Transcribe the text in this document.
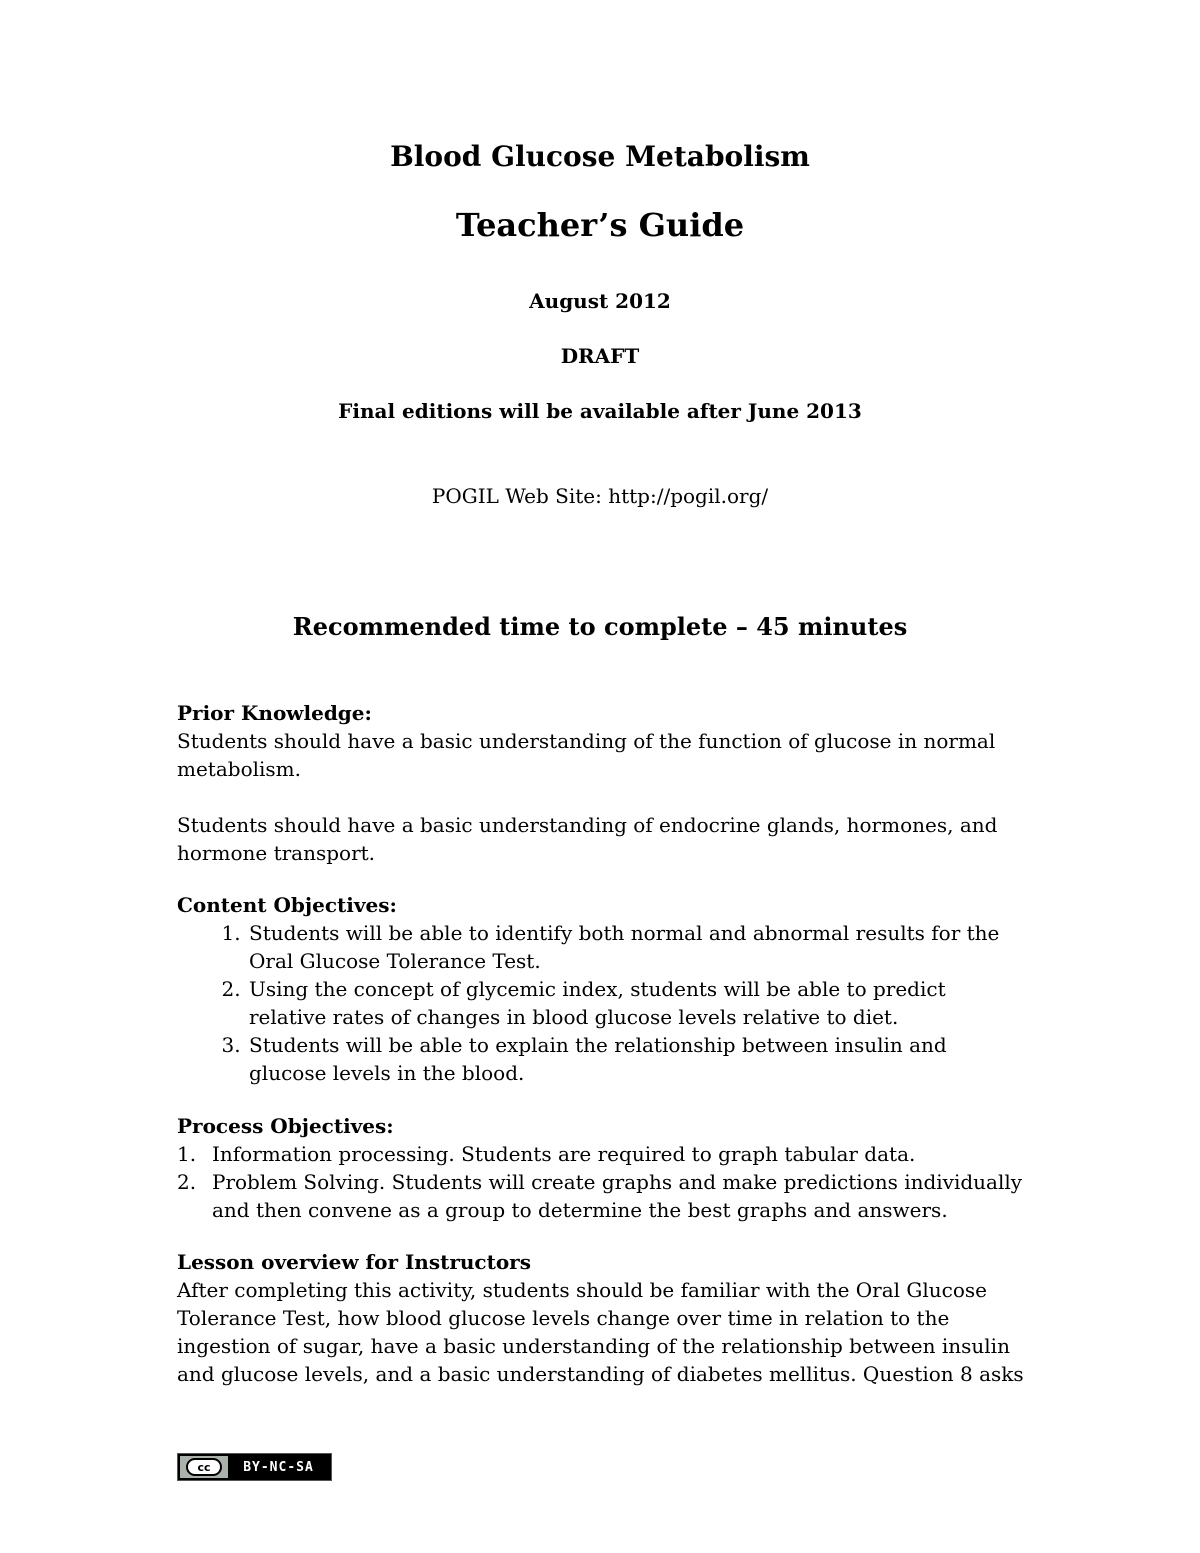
Blood Glucose Metabolism
Teacher’s Guide
August 2012
DRAFT
Final editions will be available after June 2013
POGIL Web Site: http://pogil.org/
Recommended time to complete – 45 minutes

Prior Knowledge:

Students should have a basic understanding of the function of glucose in normal metabolism.

Students should have a basic understanding of endocrine glands, hormones, and hormone transport.

Content Objectives:

1. Students will be able to identify both normal and abnormal results for the Oral Glucose Tolerance Test.
2. Using the concept of glycemic index, students will be able to predict relative rates of changes in blood glucose levels relative to diet.
3. Students will be able to explain the relationship between insulin and glucose levels in the blood.

Process Objectives:

1. Information processing. Students are required to graph tabular data.
2. Problem Solving. Students will create graphs and make predictions individually and then convene as a group to determine the best graphs and answers.

Lesson overview for Instructors

After completing this activity, students should be familiar with the Oral Glucose Tolerance Test, how blood glucose levels change over time in relation to the ingestion of sugar, have a basic understanding of the relationship between insulin and glucose levels, and a basic understanding of diabetes mellitus. Question 8 asks

cc	BY-NC-SA
